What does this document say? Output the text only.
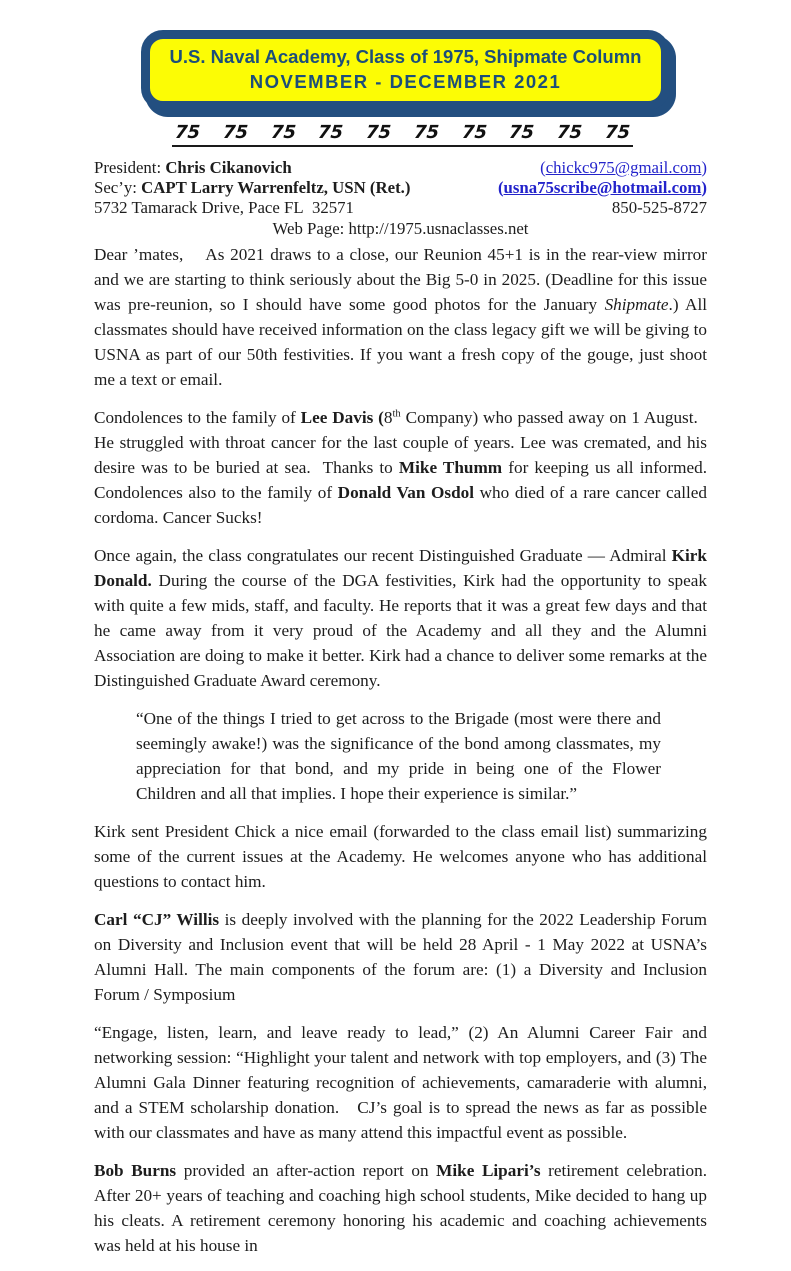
U.S. Naval Academy, Class of 1975, Shipmate Column
NOVEMBER - DECEMBER 2021
75 75 75 75 75 75 75 75 75 75
President: Chris Cikanovich	(chickc975@gmail.com)
Sec’y: CAPT Larry Warrenfeltz, USN (Ret.)	(usna75scribe@hotmail.com)
5732 Tamarack Drive, Pace FL  32571	850-525-8727
Web Page: http://1975.usnaclasses.net

Dear ’mates,    As 2021 draws to a close, our Reunion 45+1 is in the rear-view mirror and we are starting to think seriously about the Big 5-0 in 2025. (Deadline for this issue was pre-reunion, so I should have some good photos for the January Shipmate.) All classmates should have received information on the class legacy gift we will be giving to USNA as part of our 50th festivities. If you want a fresh copy of the gouge, just shoot me a text or email.

Condolences to the family of Lee Davis (8th Company) who passed away on 1 August.   He struggled with throat cancer for the last couple of years. Lee was cremated, and his desire was to be buried at sea.  Thanks to Mike Thumm for keeping us all informed. Condolences also to the family of Donald Van Osdol who died of a rare cancer called cordoma. Cancer Sucks!

Once again, the class congratulates our recent Distinguished Graduate — Admiral Kirk Donald. During the course of the DGA festivities, Kirk had the opportunity to speak with quite a few mids, staff, and faculty. He reports that it was a great few days and that he came away from it very proud of the Academy and all they and the Alumni Association are doing to make it better. Kirk had a chance to deliver some remarks at the Distinguished Graduate Award ceremony.

“One of the things I tried to get across to the Brigade (most were there and seemingly awake!) was the significance of the bond among classmates, my appreciation for that bond, and my pride in being one of the Flower Children and all that implies. I hope their experience is similar.”

Kirk sent President Chick a nice email (forwarded to the class email list) summarizing some of the current issues at the Academy. He welcomes anyone who has additional questions to contact him.

Carl “CJ” Willis is deeply involved with the planning for the 2022 Leadership Forum on Diversity and Inclusion event that will be held 28 April - 1 May 2022 at USNA’s Alumni Hall. The main components of the forum are: (1) a Diversity and Inclusion Forum / Symposium

“Engage, listen, learn, and leave ready to lead,” (2) An Alumni Career Fair and networking session: “Highlight your talent and network with top employers, and (3) The Alumni Gala Dinner featuring recognition of achievements, camaraderie with alumni, and a STEM scholarship donation.   CJ’s goal is to spread the news as far as possible with our classmates and have as many attend this impactful event as possible.

Bob Burns provided an after-action report on Mike Lipari’s retirement celebration. After 20+ years of teaching and coaching high school students, Mike decided to hang up his cleats. A retirement ceremony honoring his academic and coaching achievements was held at his house in
